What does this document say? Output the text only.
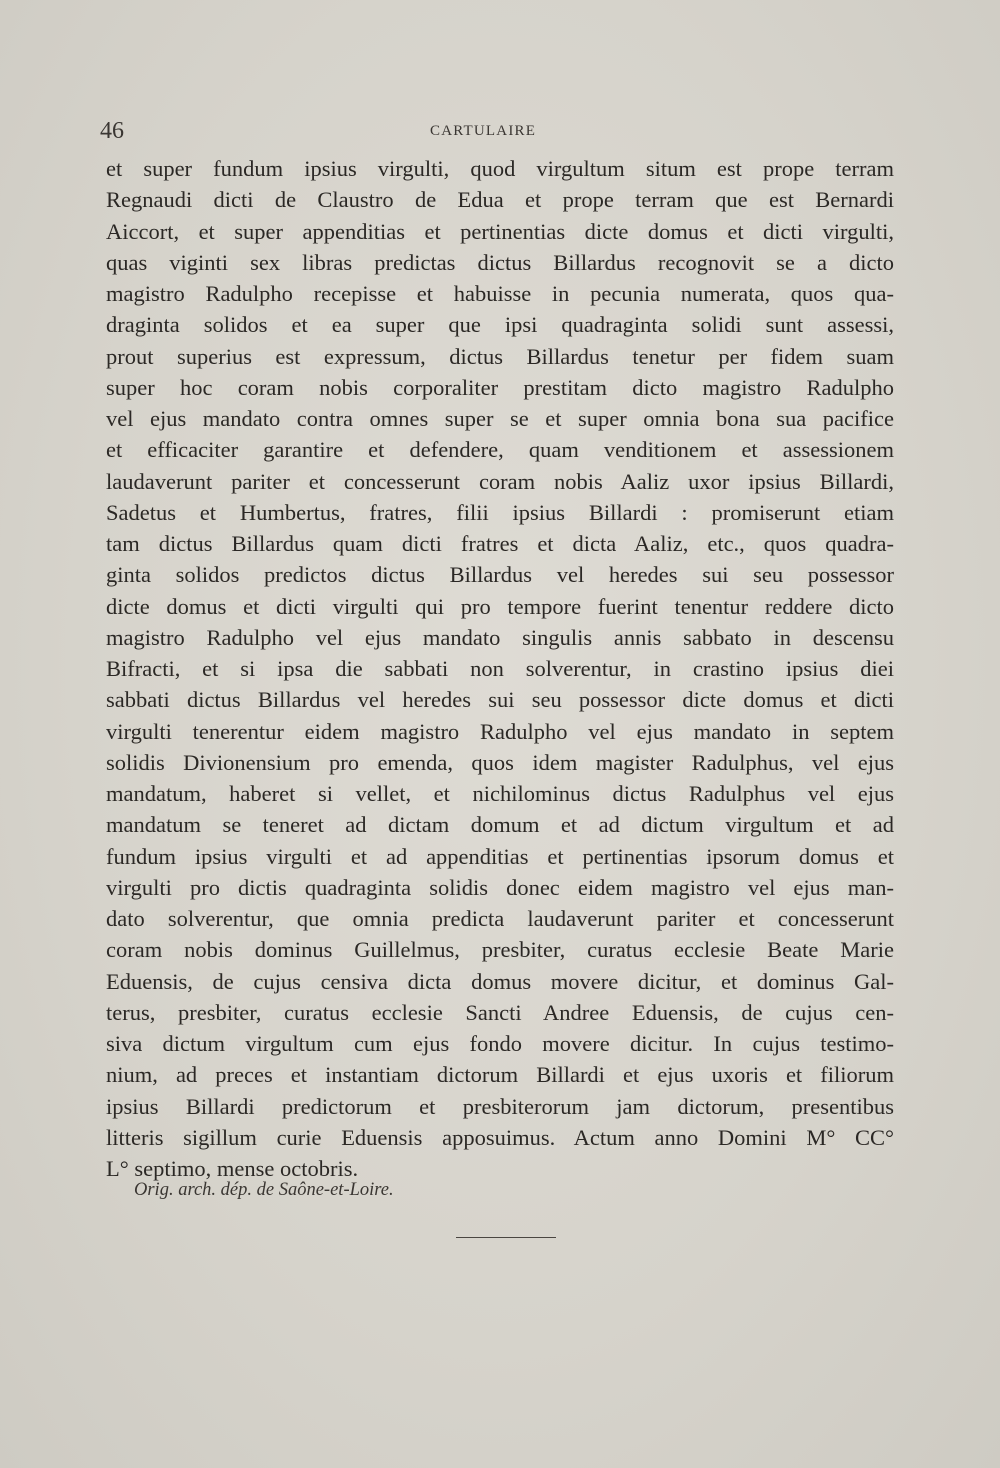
46	CARTULAIRE
et super fundum ipsius virgulti, quod virgultum situm est prope terram
Regnaudi dicti de Claustro de Edua et prope terram que est Bernardi
Aiccort, et super appenditias et pertinentias dicte domus et dicti virgulti,
quas viginti sex libras predictas dictus Billardus recognovit se a dicto
magistro Radulpho recepisse et habuisse in pecunia numerata, quos qua-
draginta solidos et ea super que ipsi quadraginta solidi sunt assessi,
prout superius est expressum, dictus Billardus tenetur per fidem suam
super hoc coram nobis corporaliter prestitam dicto magistro Radulpho
vel ejus mandato contra omnes super se et super omnia bona sua pacifice
et efficaciter garantire et defendere, quam venditionem et assessionem
laudaverunt pariter et concesserunt coram nobis Aaliz uxor ipsius Billardi,
Sadetus et Humbertus, fratres, filii ipsius Billardi : promiserunt etiam
tam dictus Billardus quam dicti fratres et dicta Aaliz, etc., quos quadra-
ginta solidos predictos dictus Billardus vel heredes sui seu possessor
dicte domus et dicti virgulti qui pro tempore fuerint tenentur reddere dicto
magistro Radulpho vel ejus mandato singulis annis sabbato in descensu
Bifracti, et si ipsa die sabbati non solverentur, in crastino ipsius diei
sabbati dictus Billardus vel heredes sui seu possessor dicte domus et dicti
virgulti tenerentur eidem magistro Radulpho vel ejus mandato in septem
solidis Divionensium pro emenda, quos idem magister Radulphus, vel ejus
mandatum, haberet si vellet, et nichilominus dictus Radulphus vel ejus
mandatum se teneret ad dictam domum et ad dictum virgultum et ad
fundum ipsius virgulti et ad appenditias et pertinentias ipsorum domus et
virgulti pro dictis quadraginta solidis donec eidem magistro vel ejus man-
dato solverentur, que omnia predicta laudaverunt pariter et concesserunt
coram nobis dominus Guillelmus, presbiter, curatus ecclesie Beate Marie
Eduensis, de cujus censiva dicta domus movere dicitur, et dominus Gal-
terus, presbiter, curatus ecclesie Sancti Andree Eduensis, de cujus cen-
siva dictum virgultum cum ejus fondo movere dicitur. In cujus testimo-
nium, ad preces et instantiam dictorum Billardi et ejus uxoris et filiorum
ipsius Billardi predictorum et presbiterorum jam dictorum, presentibus
litteris sigillum curie Eduensis apposuimus. Actum anno Domini M° CC°
L° septimo, mense octobris.
Orig. arch. dép. de Saône-et-Loire.
